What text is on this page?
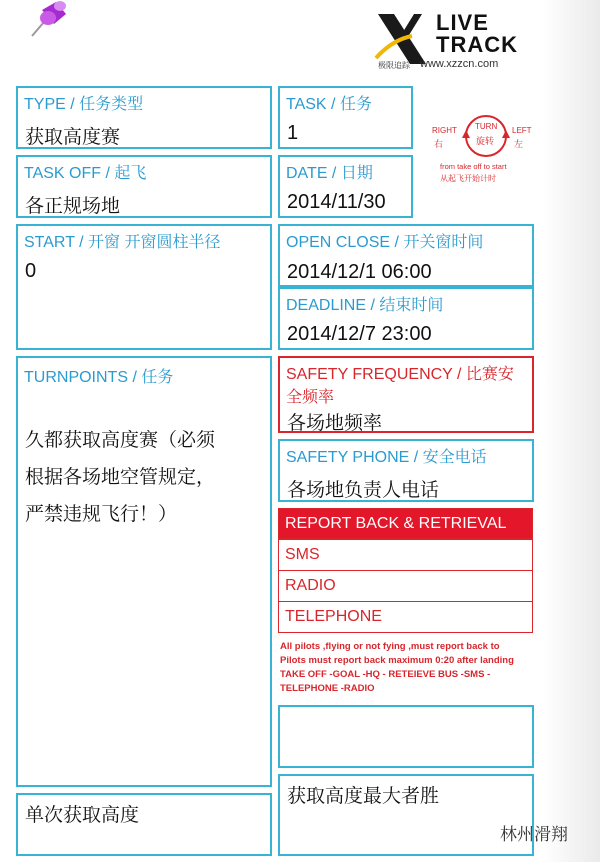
LIVE
TRACK
极限追踪 www.xzzcn.com
TYPE / 任务类型
获取高度赛
TASK / 任务
1	RIGHT
右
TURN
旋转
LEFT
左
from take off to start
从起飞开始计时
TASK OFF / 起飞
各正规场地
DATE / 日期
2014/11/30
START / 开窗 开窗圆柱半径
0
OPEN CLOSE / 开关窗时间
2014/12/1 06:00
DEADLINE / 结束时间
2014/12/7 23:00
TURNPOINTS / 任务
久都获取高度赛（必须
根据各场地空管规定，
严禁违规飞行！）
SAFETY FREQUENCY / 比赛安
全频率
各场地频率
SAFETY PHONE / 安全电话
各场地负责人电话
REPORT BACK & RETRIEVAL
SMS
RADIO
TELEPHONE
All pilots ,flying or not fying ,must report back to
Pilots must report back maximum 0:20 after landing
TAKE OFF -GOAL -HQ - RETEIEVE BUS -SMS -
TELEPHONE -RADIO
单次获取高度
获取高度最大者胜
林州滑翔
